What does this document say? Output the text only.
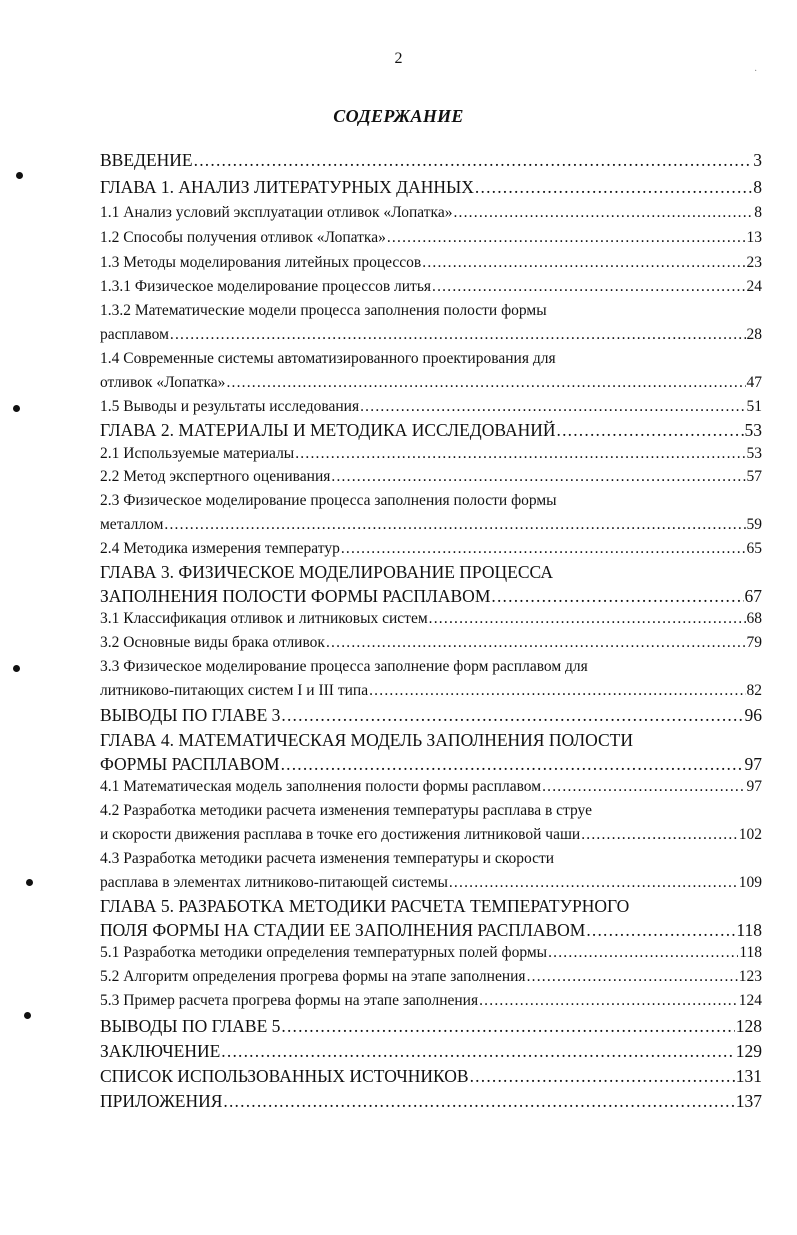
2
СОДЕРЖАНИЕ
ВВЕДЕНИЕ .....	3
ГЛАВА 1. АНАЛИЗ ЛИТЕРАТУРНЫХ ДАННЫХ .....	8
1.1 Анализ условий эксплуатации отливок «Лопатка» .....	8
1.2 Способы получения отливок «Лопатка» .....	13
1.3 Методы моделирования литейных процессов .....	23
1.3.1 Физическое моделирование процессов литья .....	24
1.3.2 Математические модели процесса заполнения полости формы
расплавом .....	28
1.4 Современные системы автоматизированного проектирования для
отливок «Лопатка» .....	47
1.5 Выводы и результаты исследования .....	51
ГЛАВА 2. МАТЕРИАЛЫ И МЕТОДИКА ИССЛЕДОВАНИЙ .....	53
2.1 Используемые материалы .....	53
2.2 Метод экспертного оценивания .....	57
2.3 Физическое моделирование процесса заполнения полости формы
металлом .....	59
2.4 Методика измерения температур .....	65
ГЛАВА 3. ФИЗИЧЕСКОЕ МОДЕЛИРОВАНИЕ ПРОЦЕССА
ЗАПОЛНЕНИЯ ПОЛОСТИ ФОРМЫ РАСПЛАВОМ .....	67
3.1 Классификация отливок и литниковых систем .....	68
3.2 Основные виды брака отливок .....	79
3.3 Физическое моделирование процесса заполнение форм расплавом для
литниково-питающих систем I и III типа .....	82
ВЫВОДЫ ПО ГЛАВЕ 3 .....	96
ГЛАВА 4. МАТЕМАТИЧЕСКАЯ МОДЕЛЬ ЗАПОЛНЕНИЯ ПОЛОСТИ
ФОРМЫ РАСПЛАВОМ .....	97
4.1 Математическая модель заполнения полости формы расплавом .....	97
4.2 Разработка методики расчета изменения температуры расплава в струе
и скорости движения расплава в точке его достижения литниковой чаши .....	102
4.3 Разработка методики расчета изменения температуры и скорости
расплава в элементах литниково-питающей системы .....	109
ГЛАВА 5. РАЗРАБОТКА МЕТОДИКИ РАСЧЕТА ТЕМПЕРАТУРНОГО
ПОЛЯ ФОРМЫ НА СТАДИИ ЕЕ ЗАПОЛНЕНИЯ РАСПЛАВОМ .....	118
5.1 Разработка методики определения температурных полей формы .....	118
5.2 Алгоритм определения прогрева формы на этапе заполнения .....	123
5.3 Пример расчета прогрева формы на этапе заполнения .....	124
ВЫВОДЫ ПО ГЛАВЕ 5 .....	128
ЗАКЛЮЧЕНИЕ .....	129
СПИСОК ИСПОЛЬЗОВАННЫХ ИСТОЧНИКОВ .....	131
ПРИЛОЖЕНИЯ .....	137
·
